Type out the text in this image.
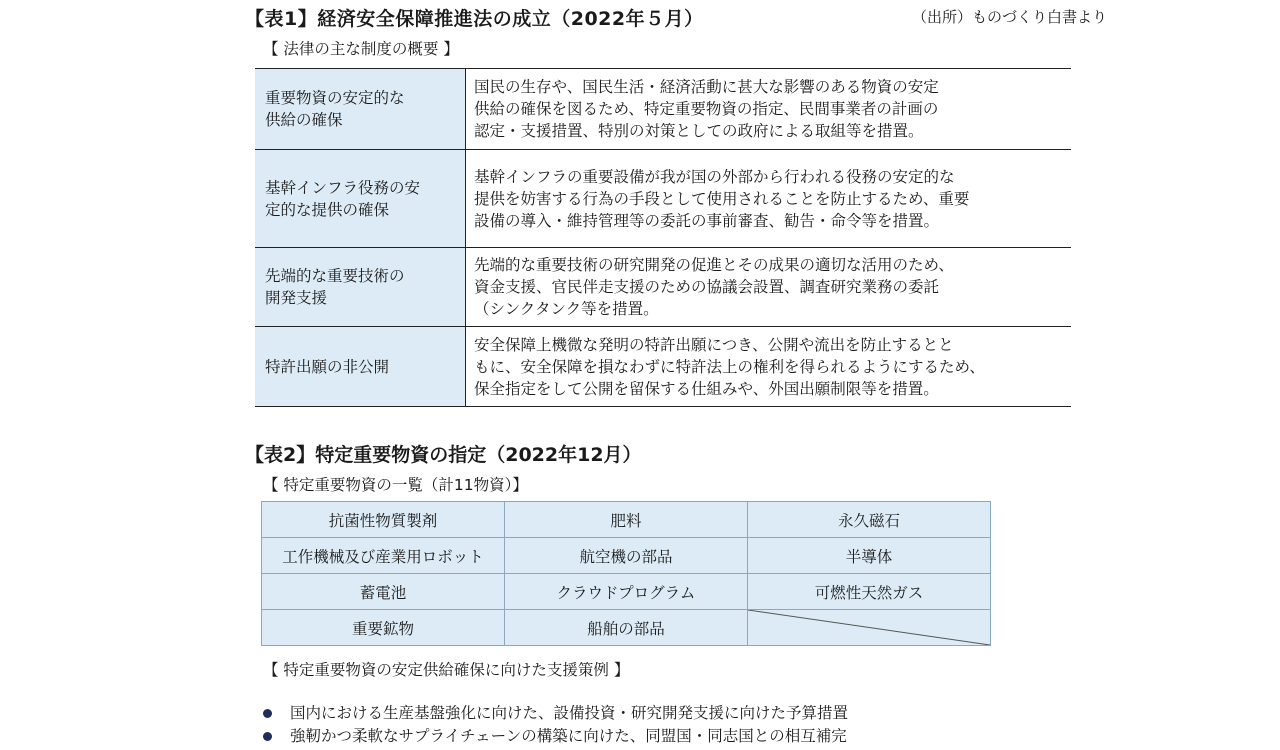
【表1】経済安全保障推進法の成立（2022年５月）	（出所）ものづくり白書より
【 法律の主な制度の概要 】
重要物資の安定的な
供給の確保	国民の生存や、国民生活・経済活動に甚大な影響のある物資の安定
供給の確保を図るため、特定重要物資の指定、民間事業者の計画の
認定・支援措置、特別の対策としての政府による取組等を措置。

基幹インフラ役務の安
定的な提供の確保	基幹インフラの重要設備が我が国の外部から行われる役務の安定的な
提供を妨害する行為の手段として使用されることを防止するため、重要
設備の導入・維持管理等の委託の事前審査、勧告・命令等を措置。

先端的な重要技術の
開発支援	先端的な重要技術の研究開発の促進とその成果の適切な活用のため、
資金支援、官民伴走支援のための協議会設置、調査研究業務の委託
（シンクタンク等を措置。

特許出願の非公開	安全保障上機微な発明の特許出願につき、公開や流出を防止するとと
もに、安全保障を損なわずに特許法上の権利を得られるようにするため、
保全指定をして公開を留保する仕組みや、外国出願制限等を措置。
【表2】特定重要物資の指定（2022年12月）
【 特定重要物資の一覧（計11物資）】
抗菌性物質製剤	肥料	永久磁石
工作機械及び産業用ロボット	航空機の部品	半導体
蓄電池	クラウドプログラム	可燃性天然ガス
重要鉱物	船舶の部品	
【 特定重要物資の安定供給確保に向けた支援策例 】
国内における生産基盤強化に向けた、設備投資・研究開発支援に向けた予算措置
強靭かつ柔軟なサプライチェーンの構築に向けた、同盟国・同志国との相互補完
